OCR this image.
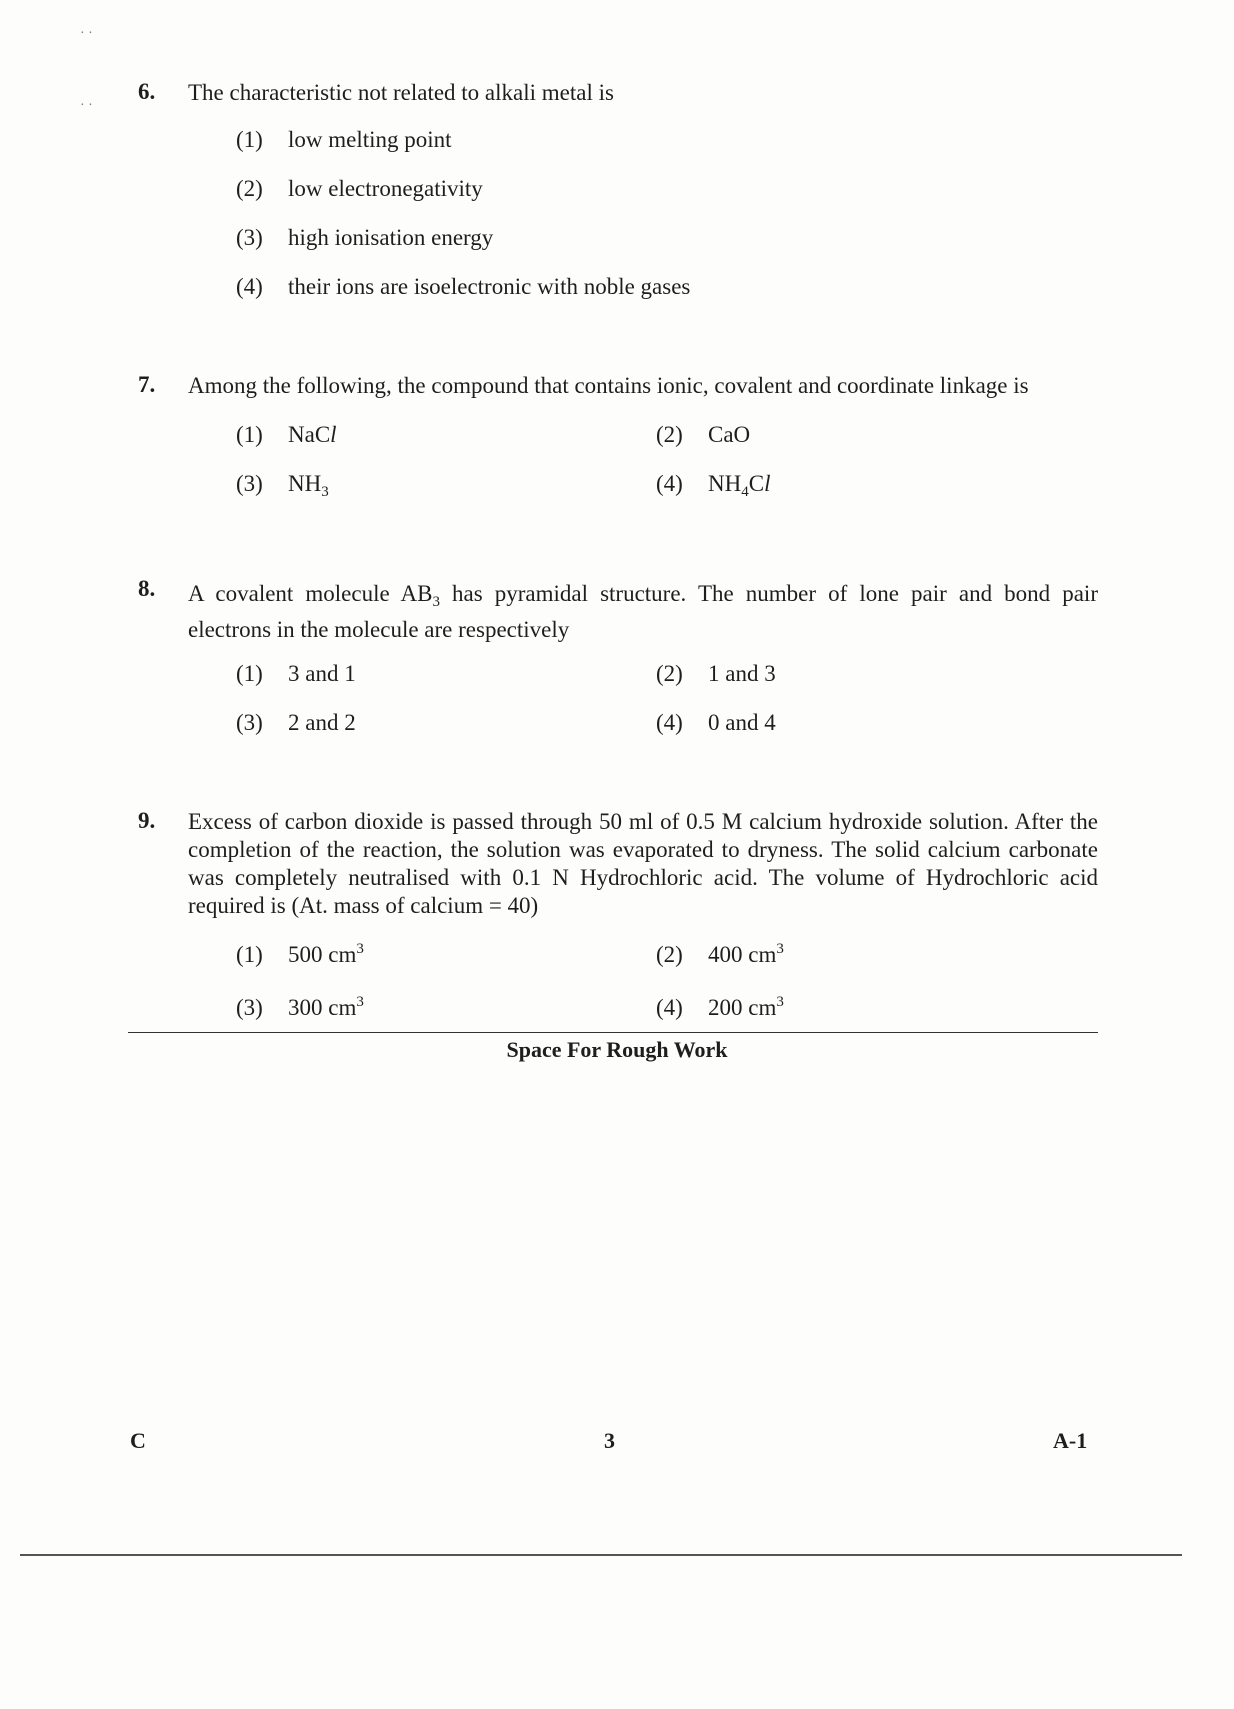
6. The characteristic not related to alkali metal is
(1) low melting point
(2) low electronegativity
(3) high ionisation energy
(4) their ions are isoelectronic with noble gases
7. Among the following, the compound that contains ionic, covalent and coordinate linkage is
(1) NaCl	(2) CaO
(3) $NH_3$	(4) $NH_4Cl$
8. A covalent molecule $AB_3$ has pyramidal structure. The number of lone pair and bond pair electrons in the molecule are respectively
(1) 3 and 1	(2) 1 and 3
(3) 2 and 2	(4) 0 and 4
9. Excess of carbon dioxide is passed through 50 ml of 0.5 M calcium hydroxide solution. After the completion of the reaction, the solution was evaporated to dryness. The solid calcium carbonate was completely neutralised with 0.1 N Hydrochloric acid. The volume of Hydrochloric acid required is (At. mass of calcium = 40)
(1) 500 $cm^3$	(2) 400 $cm^3$
(3) 300 $cm^3$	(4) 200 $cm^3$
Space For Rough Work
C	3	A-1
· ·
· ·
